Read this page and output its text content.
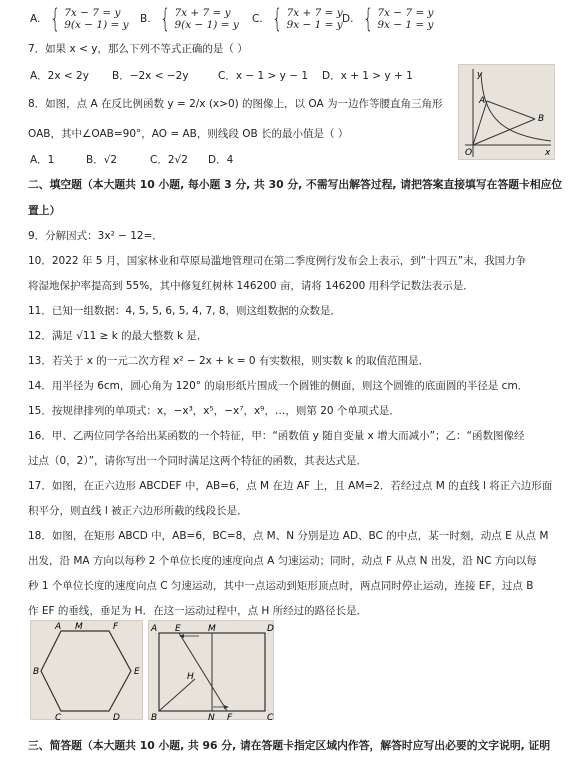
A. { 7x − 7 = y
9(x − 1) = y B. { 7x + 7 = y
9(x − 1) = y C. { 7x + 7 = y
9x − 1 = y D. { 7x − 7 = y
9x − 1 = y
7．如果 x < y，那么下列不等式正确的是（ ）
A．2x < 2y B．−2x < −2y	C．x − 1 > y − 1 D．x + 1 > y + 1
8．如图，点 A 在反比例函数 y = 2/x (x>0) 的图像上，以 OA 为一边作等腰直角三角形
OAB，其中∠OAB=90°，AO = AB，则线段 OB 长的最小值是（ ）
A．1	B．√2	C．2√2 D．4
y
A
B
O	x
二、填空题（本大题共 10 小题, 每小题 3 分, 共 30 分, 不需写出解答过程, 请把答案直接填写在答题卡相应位
置上）
9．分解因式：3x² − 12=．
10．2022 年 5 月，国家林业和草原局滥地管理司在第二季度例行发布会上表示，到“十四五”末，我国力争
将湿地保护率提高到 55%，其中修复红树林 146200 亩，请将 146200 用科学记数法表示是．
11．已知一组数据：4, 5, 5, 6, 5, 4, 7, 8，则这组数据的众数是．
12．满足 √11 ≥ k 的最大整数 k 是．
13．若关于 x 的一元二次方程 x² − 2x + k = 0 有实数根，则实数 k 的取值范围是．
14．用半径为 6cm，圆心角为 120° 的扇形纸片围成一个圆锥的侧面，则这个圆锥的底面圆的半径是 cm．
15．按规律排列的单项式：x，−x³，x⁵，−x⁷，x⁹，…，则第 20 个单项式是．
16．甲、乙两位同学各给出某函数的一个特征，甲：“函数值 y 随自变量 x 增大而减小”；乙：“函数图像经
过点（0，2）”，请你写出一个同时满足这两个特征的函数，其表达式是．
17．如图，在正六边形 ABCDEF 中，AB=6，点 M 在边 AF 上，且 AM=2．若经过点 M 的直线 l 将正六边形面
积平分，则直线 l 被正六边形所截的线段长是．
18．如图，在矩形 ABCD 中，AB=6，BC=8，点 M、N 分别是边 AD、BC 的中点，某一时刻，动点 E 从点 M
出发，沿 MA 方向以每秒 2 个单位长度的速度向点 A 匀速运动；同时，动点 F 从点 N 出发，沿 NC 方向以每
秒 1 个单位长度的速度向点 C 匀速运动，其中一点运动到矩形顶点时，两点同时停止运动，连接 EF，过点 B
作 EF 的垂线，垂足为 H．在这一运动过程中，点 H 所经过的路径长是．
A M	F
B	E
C	D
A E	M	D
H
B	N F	C
三、简答题（本大题共 10 小题, 共 96 分, 请在答题卡指定区域内作答，解答时应写出必要的文字说明, 证明
